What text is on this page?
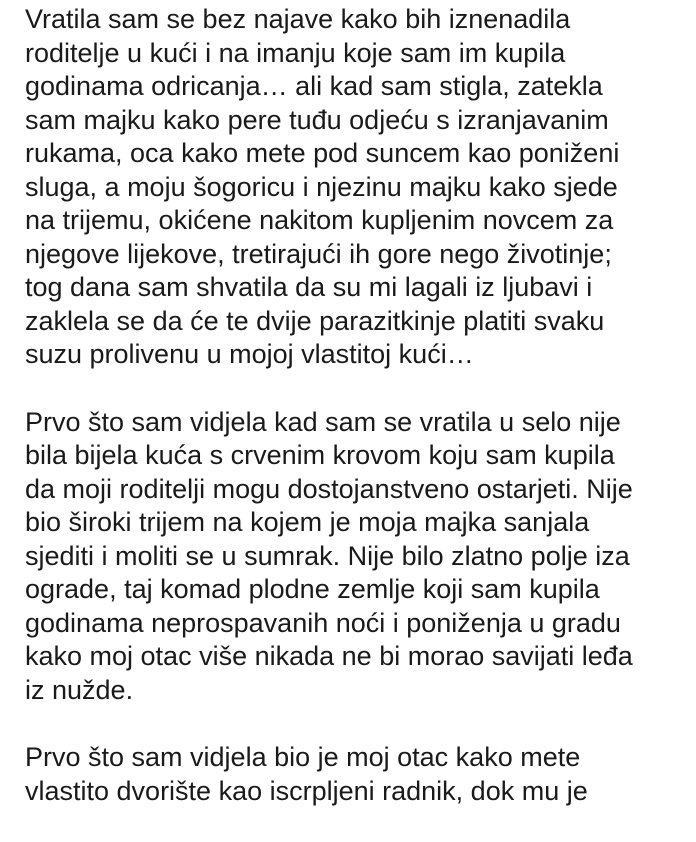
Vratila sam se bez najave kako bih iznenadila
roditelje u kući i na imanju koje sam im kupila
godinama odricanja… ali kad sam stigla, zatekla
sam majku kako pere tuđu odjeću s izranjavanim
rukama, oca kako mete pod suncem kao poniženi
sluga, a moju šogoricu i njezinu majku kako sjede
na trijemu, okićene nakitom kupljenim novcem za
njegove lijekove, tretirajući ih gore nego životinje;
tog dana sam shvatila da su mi lagali iz ljubavi i
zaklela se da će te dvije parazitkinje platiti svaku
suzu prolivenu u mojoj vlastitoj kući…
Prvo što sam vidjela kad sam se vratila u selo nije
bila bijela kuća s crvenim krovom koju sam kupila
da moji roditelji mogu dostojanstveno ostarjeti. Nije
bio široki trijem na kojem je moja majka sanjala
sjediti i moliti se u sumrak. Nije bilo zlatno polje iza
ograde, taj komad plodne zemlje koji sam kupila
godinama neprospavanih noći i poniženja u gradu
kako moj otac više nikada ne bi morao savijati leđa
iz nužde.
Prvo što sam vidjela bio je moj otac kako mete
vlastito dvorište kao iscrpljeni radnik, dok mu je
